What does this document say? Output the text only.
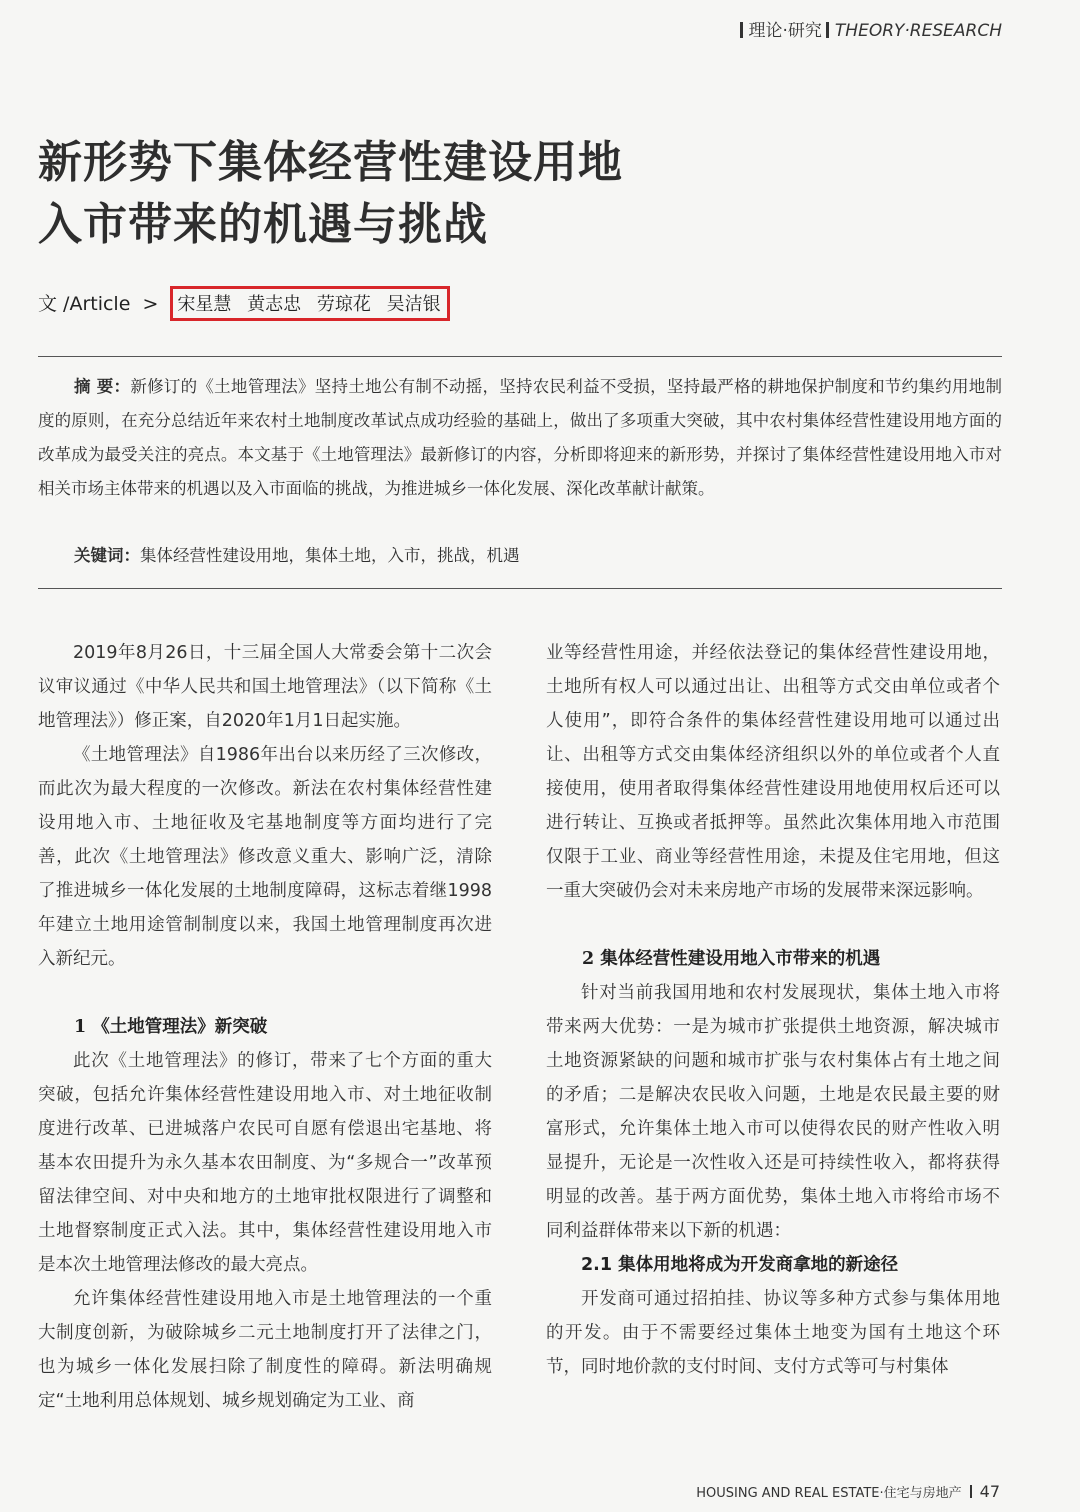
理论·研究 THEORY·RESEARCH
新形势下集体经营性建设用地
入市带来的机遇与挑战
文 /Article > 宋星慧 黄志忠 劳琼花 吴洁银
摘 要：新修订的《土地管理法》坚持土地公有制不动摇，坚持农民利益不受损，坚持最严格的耕地保护制度和节约集约用地制度的原则，在充分总结近年来农村土地制度改革试点成功经验的基础上，做出了多项重大突破，其中农村集体经营性建设用地方面的改革成为最受关注的亮点。本文基于《土地管理法》最新修订的内容，分析即将迎来的新形势，并探讨了集体经营性建设用地入市对相关市场主体带来的机遇以及入市面临的挑战，为推进城乡一体化发展、深化改革献计献策。
关键词：集体经营性建设用地，集体土地，入市，挑战，机遇

2019年8月26日，十三届全国人大常委会第十二次会议审议通过《中华人民共和国土地管理法》（以下简称《土地管理法》）修正案，自2020年1月1日起实施。

《土地管理法》自1986年出台以来历经了三次修改，而此次为最大程度的一次修改。新法在农村集体经营性建设用地入市、土地征收及宅基地制度等方面均进行了完善，此次《土地管理法》修改意义重大、影响广泛，清除了推进城乡一体化发展的土地制度障碍，这标志着继1998年建立土地用途管制制度以来，我国土地管理制度再次进入新纪元。

1 《土地管理法》新突破

此次《土地管理法》的修订，带来了七个方面的重大突破，包括允许集体经营性建设用地入市、对土地征收制度进行改革、已进城落户农民可自愿有偿退出宅基地、将基本农田提升为永久基本农田制度、为“多规合一”改革预留法律空间、对中央和地方的土地审批权限进行了调整和土地督察制度正式入法。其中，集体经营性建设用地入市是本次土地管理法修改的最大亮点。

允许集体经营性建设用地入市是土地管理法的一个重大制度创新，为破除城乡二元土地制度打开了法律之门，也为城乡一体化发展扫除了制度性的障碍。新法明确规定“土地利用总体规划、城乡规划确定为工业、商

业等经营性用途，并经依法登记的集体经营性建设用地，土地所有权人可以通过出让、出租等方式交由单位或者个人使用”，即符合条件的集体经营性建设用地可以通过出让、出租等方式交由集体经济组织以外的单位或者个人直接使用，使用者取得集体经营性建设用地使用权后还可以进行转让、互换或者抵押等。虽然此次集体用地入市范围仅限于工业、商业等经营性用途，未提及住宅用地，但这一重大突破仍会对未来房地产市场的发展带来深远影响。

2 集体经营性建设用地入市带来的机遇

针对当前我国用地和农村发展现状，集体土地入市将带来两大优势：一是为城市扩张提供土地资源，解决城市土地资源紧缺的问题和城市扩张与农村集体占有土地之间的矛盾；二是解决农民收入问题，土地是农民最主要的财富形式，允许集体土地入市可以使得农民的财产性收入明显提升，无论是一次性收入还是可持续性收入，都将获得明显的改善。基于两方面优势，集体土地入市将给市场不同利益群体带来以下新的机遇：

2.1 集体用地将成为开发商拿地的新途径

开发商可通过招拍挂、协议等多种方式参与集体用地的开发。由于不需要经过集体土地变为国有土地这个环节，同时地价款的支付时间、支付方式等可与村集体

HOUSING AND REAL ESTATE·住宅与房地产 47
